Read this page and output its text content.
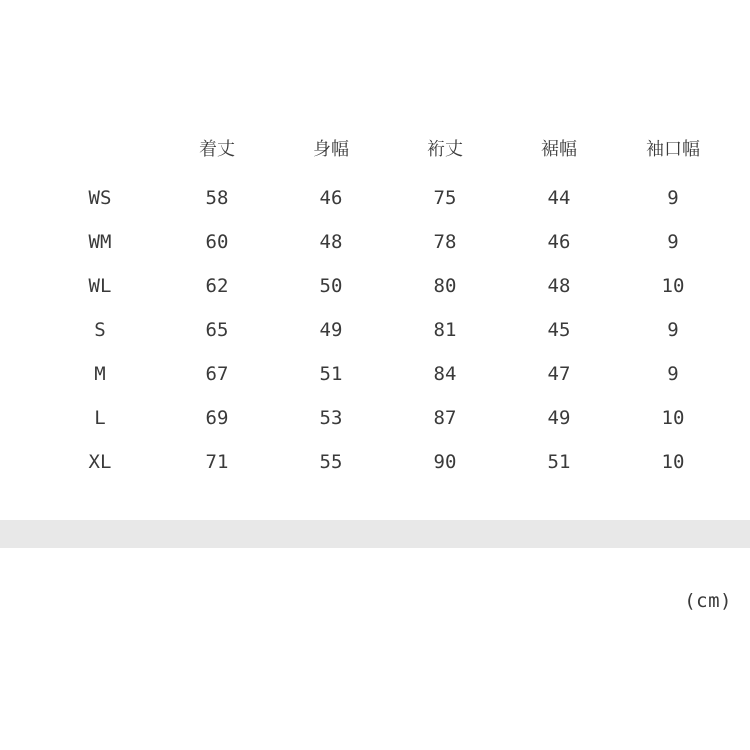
	着丈	身幅	裄丈	裾幅	袖口幅
WS	58	46	75	44	9
WM	60	48	78	46	9
WL	62	50	80	48	10
S	65	49	81	45	9
M	67	51	84	47	9
L	69	53	87	49	10
XL	71	55	90	51	10
(cm)
